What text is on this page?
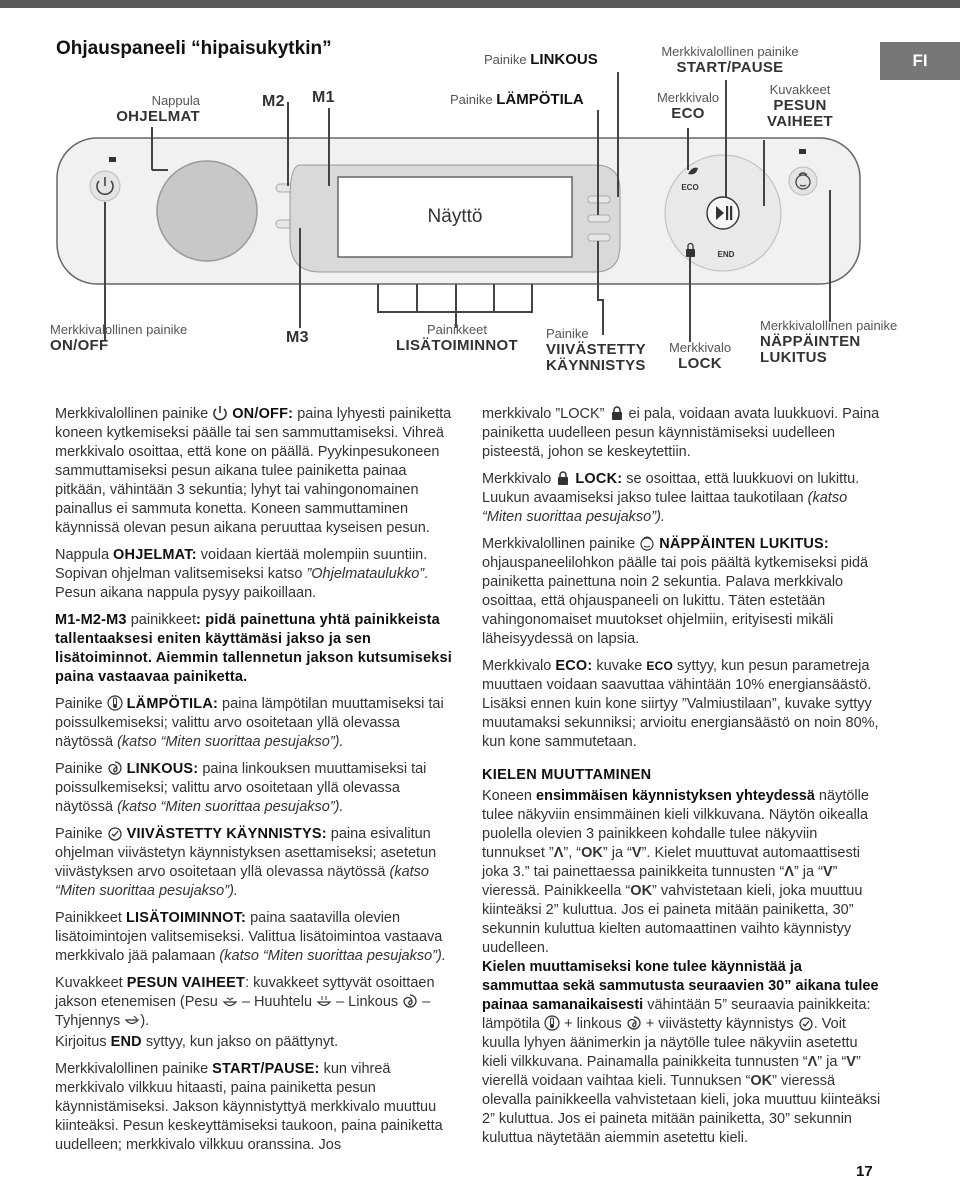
FI
Ohjauspaneeli “hipaisukytkin”
Nappula
OHJELMAT
M2 M1
Painike LINKOUS
Painike LÄMPÖTILA
Merkkivalollinen painike
START/PAUSE
Merkkivalo
ECO
Kuvakkeet
PESUN
VAIHEET
Näyttö
ECO
END
Merkkivalollinen painike
ON/OFF	M3	Painikkeet
LISÄTOIMINNOT
Painike
VIIVÄSTETTY
KÄYNNISTYS
Merkkivalo
LOCK
Merkkivalollinen painike
NÄPPÄINTEN
LUKITUS

Merkkivalollinen painike  ON/OFF: paina lyhyesti painiketta koneen kytkemiseksi päälle tai sen sammuttamiseksi. Vihreä merkkivalo osoittaa, että kone on päällä. Pyykinpesukoneen sammuttamiseksi pesun aikana tulee painiketta painaa pitkään, vähintään 3 sekuntia; lyhyt tai vahingonomainen painallus ei sammuta konetta. Koneen sammuttaminen käynnissä olevan pesun aikana peruuttaa kyseisen pesun.

Nappula OHJELMAT: voidaan kiertää molempiin suuntiin. Sopivan ohjelman valitsemiseksi katso ”Ohjelmataulukko”. Pesun aikana nappula pysyy paikoillaan.

M1-M2-M3 painikkeet: pidä painettuna yhtä painikkeista tallentaaksesi eniten käyttämäsi jakso ja sen lisätoiminnot. Aiemmin tallennetun jakson kutsumiseksi paina vastaavaa painiketta.

Painike  LÄMPÖTILA: paina lämpötilan muuttamiseksi tai poissulkemiseksi; valittu arvo osoitetaan yllä olevassa näytössä (katso “Miten suorittaa pesujakso”).

Painike  LINKOUS: paina linkouksen muuttamiseksi tai poissulkemiseksi; valittu arvo osoitetaan yllä olevassa näytössä (katso “Miten suorittaa pesujakso”).

Painike  VIIVÄSTETTY KÄYNNISTYS: paina esivalitun ohjelman viivästetyn käynnistyksen asettamiseksi; asetetun viivästyksen arvo osoitetaan yllä olevassa näytössä (katso “Miten suorittaa pesujakso”).

Painikkeet LISÄTOIMINNOT: paina saatavilla olevien lisätoimintojen valitsemiseksi. Valittua lisätoimintoa vastaava merkkivalo jää palamaan (katso “Miten suorittaa pesujakso”).

Kuvakkeet PESUN VAIHEET: kuvakkeet syttyvät osoittaen jakson etenemisen (Pesu  – Huuhtelu  – Linkous  – Tyhjennys ).

Kirjoitus END syttyy, kun jakso on päättynyt.

Merkkivalollinen painike START/PAUSE: kun vihreä merkkivalo vilkkuu hitaasti, paina painiketta pesun käynnistämiseksi. Jakson käynnistyttyä merkkivalo muuttuu kiinteäksi. Pesun keskeyttämiseksi taukoon, paina painiketta uudelleen; merkkivalo vilkkuu oranssina. Jos

merkkivalo ”LOCK”  ei pala, voidaan avata luukkuovi. Paina painiketta uudelleen pesun käynnistämiseksi uudelleen pisteestä, johon se keskeytettiin.

Merkkivalo  LOCK: se osoittaa, että luukkuovi on lukittu. Luukun avaamiseksi jakso tulee laittaa taukotilaan (katso “Miten suorittaa pesujakso”).

Merkkivalollinen painike  NÄPPÄINTEN LUKITUS: ohjauspaneelilohkon päälle tai pois päältä kytkemiseksi pidä painiketta painettuna noin 2 sekuntia. Palava merkkivalo osoittaa, että ohjauspaneeli on lukittu. Täten estetään vahingonomaiset muutokset ohjelmiin, erityisesti mikäli läheisyydessä on lapsia.

Merkkivalo ECO: kuvake ECO syttyy, kun pesun parametreja muuttaen voidaan saavuttaa vähintään 10% energiansäästö. Lisäksi ennen kuin kone siirtyy ”Valmiustilaan”, kuvake syttyy muutamaksi sekunniksi; arvioitu energiansäästö on noin 80%, kun kone sammutetaan.

KIELEN MUUTTAMINEN

Koneen ensimmäisen käynnistyksen yhteydessä näytölle tulee näkyviin ensimmäinen kieli vilkkuvana. Näytön oikealla puolella olevien 3 painikkeen kohdalle tulee näkyviin tunnukset ”Λ”, “OK” ja “V”. Kielet muuttuvat automaattisesti joka 3.” tai painettaessa painikkeita tunnusten “Λ” ja “V” vieressä. Painikkeella “OK” vahvistetaan kieli, joka muuttuu kiinteäksi 2” kuluttua. Jos ei paineta mitään painiketta, 30” sekunnin kuluttua kielten automaattinen vaihto käynnistyy uudelleen.

Kielen muuttamiseksi kone tulee käynnistää ja sammuttaa sekä sammutusta seuraavien 30” aikana tulee painaa samanaikaisesti vähintään 5” seuraavia painikkeita: lämpötila  + linkous  + viivästetty käynnistys . Voit kuulla lyhyen äänimerkin ja näytölle tulee näkyviin asetettu kieli vilkkuvana. Painamalla painikkeita tunnusten “Λ” ja “V” vierellä voidaan vaihtaa kieli. Tunnuksen “OK” vieressä olevalla painikkeella vahvistetaan kieli, joka muuttuu kiinteäksi 2” kuluttua. Jos ei paineta mitään painiketta, 30” sekunnin kuluttua näytetään aiemmin asetettu kieli.

17
